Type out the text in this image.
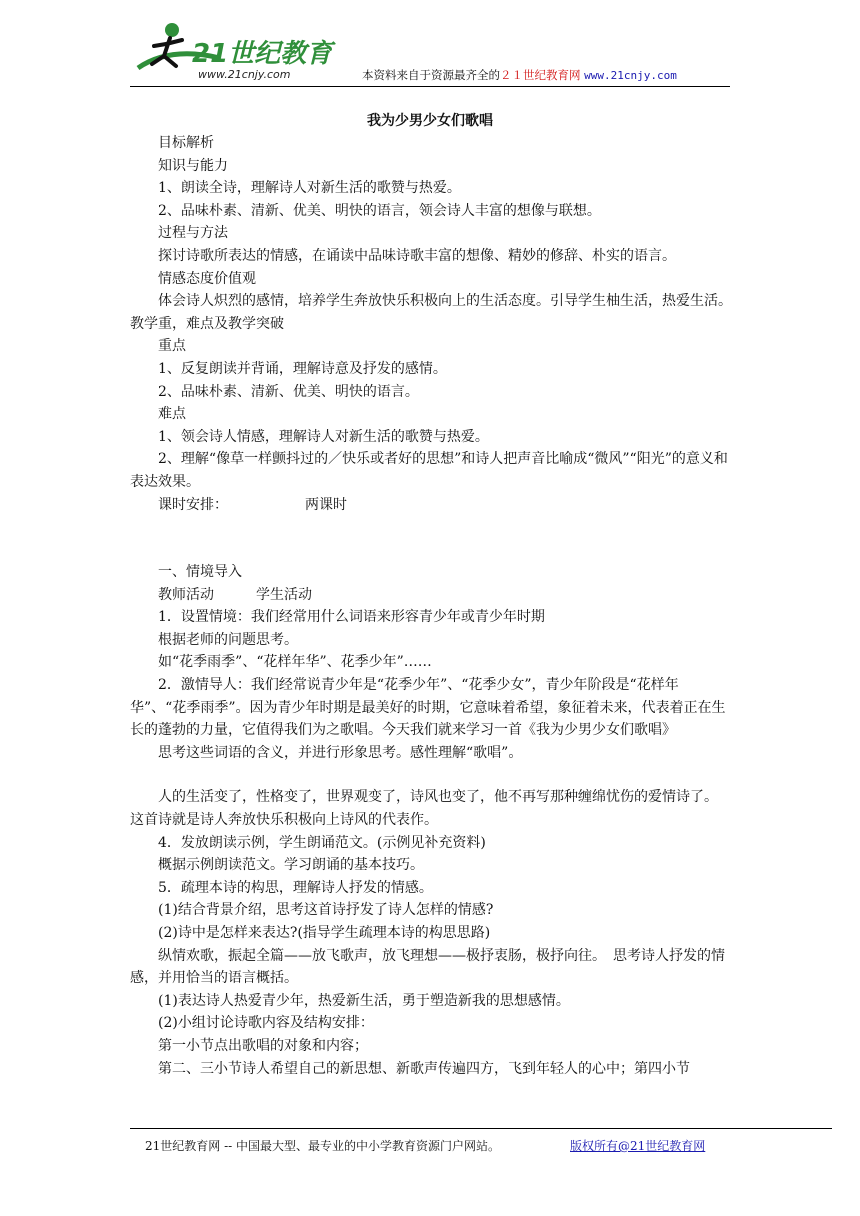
21世纪教育
www.21cnjy.com	本资料来自于资源最齐全的２１世纪教育网 www.21cnjy.com
我为少男少女们歌唱

目标解析

知识与能力

1、朗读全诗，理解诗人对新生活的歌赞与热爱。

2、品味朴素、清新、优美、明快的语言，领会诗人丰富的想像与联想。

过程与方法

探讨诗歌所表达的情感，在诵读中品味诗歌丰富的想像、精妙的修辞、朴实的语言。

情感态度价值观

体会诗人炽烈的感情，培养学生奔放快乐积极向上的生活态度。引导学生柚生活，热爱生活。　　教学重，难点及教学突破

重点

1、反复朗读并背诵，理解诗意及抒发的感情。

2、品味朴素、清新、优美、明快的语言。

难点

1、领会诗人情感，理解诗人对新生活的歌赞与热爱。

2、理解“像草一样颤抖过的／快乐或者好的思想”和诗人把声音比喻成“微风”“阳光”的意义和表达效果。

课时安排：　　　　　　两课时

一、情境导入

教师活动　　　学生活动

1．设置情境：我们经常用什么词语来形容青少年或青少年时期

根据老师的问题思考。

如“花季雨季”、“花样年华”、花季少年”……

2．激情导人：我们经常说青少年是“花季少年”、“花季少女”，青少年阶段是“花样年华”、“花季雨季”。因为青少年时期是最美好的时期，它意味着希望，象征着未来，代表着正在生长的蓬勃的力量，它值得我们为之歌唱。今天我们就来学习一首《我为少男少女们歌唱》

思考这些词语的含义，并进行形象思考。感性理解“歌唱”。

人的生活变了，性格变了，世界观变了，诗风也变了，他不再写那种缠绵忧伤的爱情诗了。这首诗就是诗人奔放快乐积极向上诗风的代表作。

4．发放朗读示例，学生朗诵范文。(示例见补充资料)

概据示例朗读范文。学习朗诵的基本技巧。

5．疏理本诗的构思，理解诗人抒发的情感。

(1)结合背景介绍，思考这首诗抒发了诗人怎样的情感?

(2)诗中是怎样来表达?(指导学生疏理本诗的构思思路)

纵情欢歌，振起全篇——放飞歌声，放飞理想——极抒衷肠，极抒向往。　思考诗人抒发的情感，并用恰当的语言概括。

(1)表达诗人热爱青少年，热爱新生活，勇于塑造新我的思想感情。

(2)小组讨论诗歌内容及结构安排：

第一小节点出歌唱的对象和内容；

第二、三小节诗人希望自己的新思想、新歌声传遍四方，飞到年轻人的心中；第四小节

21世纪教育网 -- 中国最大型、最专业的中小学教育资源门户网站。	版权所有@21世纪教育网
